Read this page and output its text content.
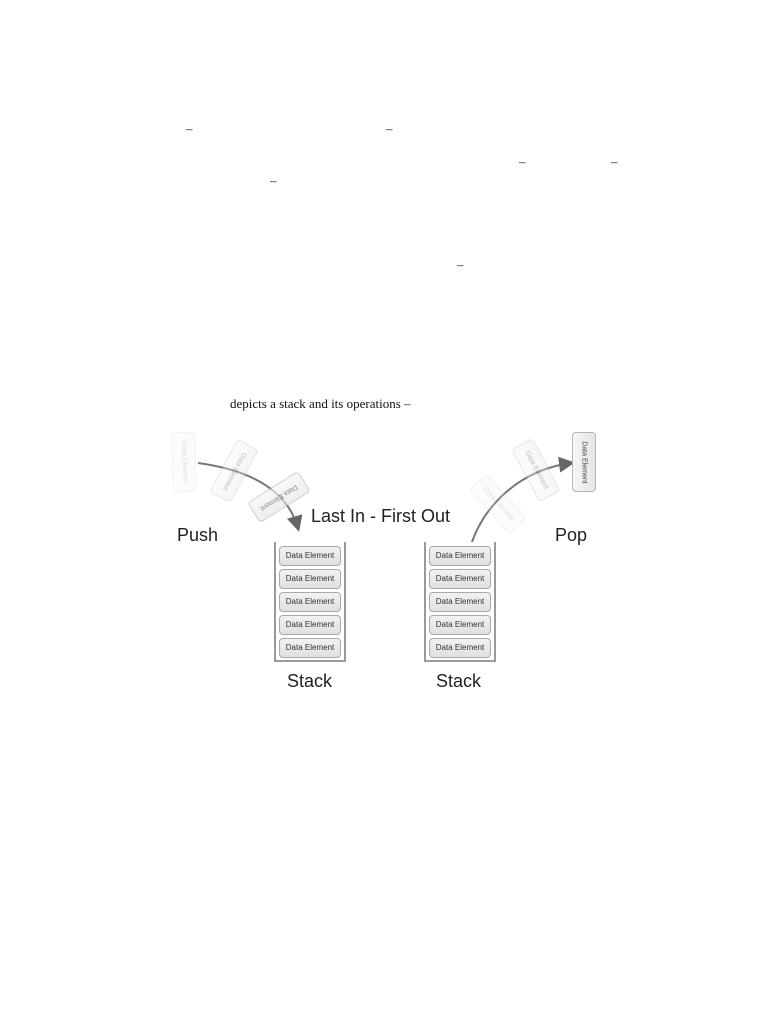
–	–
–	–
–
–
depicts a stack and its operations –
Data Element	Data Element
Data Element	Data Element
Data Element	Data Element
Push
Last In - First Out
Pop
Data Element
Data Element
Data Element
Data Element
Data Element
Data Element
Data Element
Data Element
Data Element
Data Element
Stack	Stack
